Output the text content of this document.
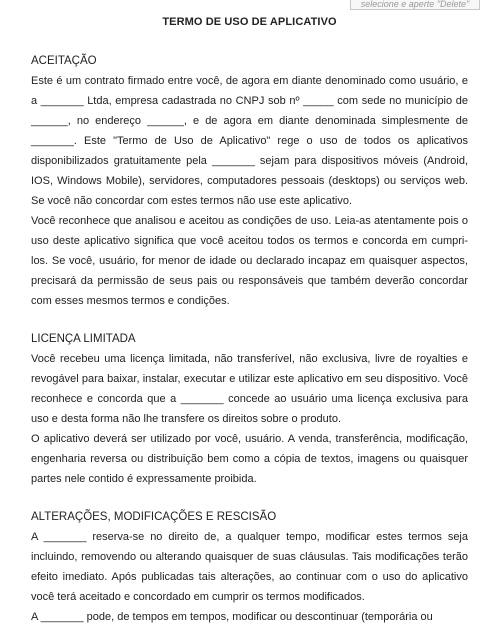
selecione e aperte "Delete"
TERMO DE USO DE APLICATIVO
ACEITAÇÃO

Este é um contrato firmado entre você, de agora em diante denominado como usuário, e a _______ Ltda, empresa cadastrada no CNPJ sob nº _____ com sede no município de ______, no endereço ______, e de agora em diante denominada simplesmente de _______. Este "Termo de Uso de Aplicativo" rege o uso de todos os aplicativos disponibilizados gratuitamente pela _______ sejam para dispositivos móveis (Android, IOS, Windows Mobile), servidores, computadores pessoais (desktops) ou serviços web. Se você não concordar com estes termos não use este aplicativo.

Você reconhece que analisou e aceitou as condições de uso. Leia-as atentamente pois o uso deste aplicativo significa que você aceitou todos os termos e concorda em cumpri-los. Se você, usuário, for menor de idade ou declarado incapaz em quaisquer aspectos, precisará da permissão de seus pais ou responsáveis que também deverão concordar com esses mesmos termos e condições.

LICENÇA LIMITADA

Você recebeu uma licença limitada, não transferível, não exclusiva, livre de royalties e revogável para baixar, instalar, executar e utilizar este aplicativo em seu dispositivo. Você reconhece e concorda que a _______ concede ao usuário uma licença exclusiva para uso e desta forma não lhe transfere os direitos sobre o produto.

O aplicativo deverá ser utilizado por você, usuário. A venda, transferência, modificação, engenharia reversa ou distribuição bem como a cópia de textos, imagens ou quaisquer partes nele contido é expressamente proibida.

ALTERAÇÕES, MODIFICAÇÕES E RESCISÃO

A _______ reserva-se no direito de, a qualquer tempo, modificar estes termos seja incluindo, removendo ou alterando quaisquer de suas cláusulas. Tais modificações terão efeito imediato. Após publicadas tais alterações, ao continuar com o uso do aplicativo você terá aceitado e concordado em cumprir os termos modificados.

A _______ pode, de tempos em tempos, modificar ou descontinuar (temporária ou
